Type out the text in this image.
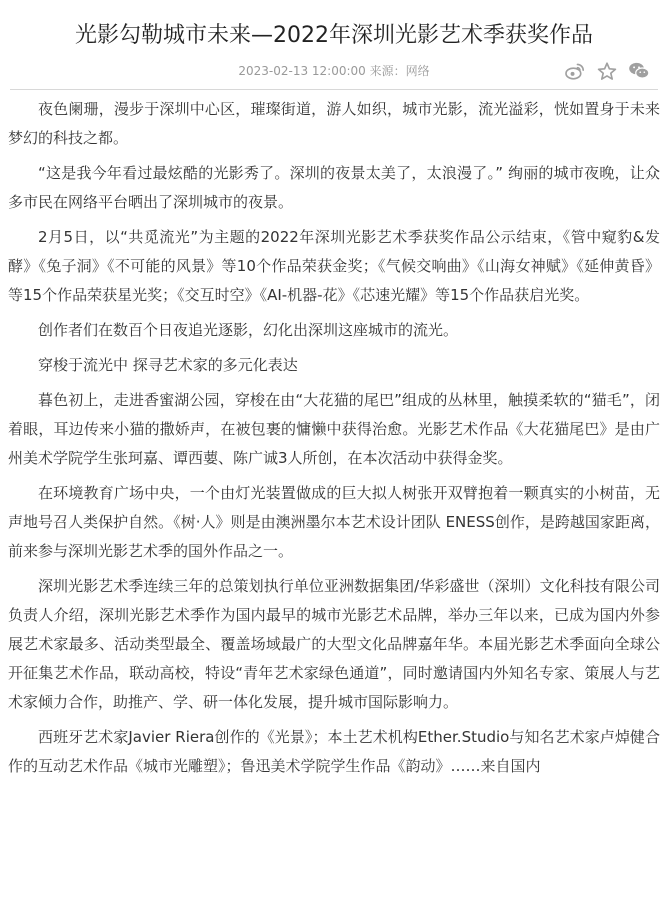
光影勾勒城市未来—2022年深圳光影艺术季获奖作品
2023-02-13 12:00:00 来源：网络

夜色阑珊，漫步于深圳中心区，璀璨街道，游人如织，城市光影，流光溢彩，恍如置身于未来梦幻的科技之都。

“这是我今年看过最炫酷的光影秀了。深圳的夜景太美了，太浪漫了。” 绚丽的城市夜晚，让众多市民在网络平台晒出了深圳城市的夜景。

2月5日，以“共觅流光”为主题的2022年深圳光影艺术季获奖作品公示结束，《管中窥豹&发酵》《兔子洞》《不可能的风景》等10个作品荣获金奖；《气候交响曲》《山海女神赋》《延伸黄昏》等15个作品荣获星光奖；《交互时空》《AI-机器-花》《芯速光耀》等15个作品获启光奖。

创作者们在数百个日夜追光逐影，幻化出深圳这座城市的流光。

穿梭于流光中 探寻艺术家的多元化表达

暮色初上，走进香蜜湖公园，穿梭在由“大花猫的尾巴”组成的丛林里，触摸柔软的“猫毛”，闭着眼，耳边传来小猫的撒娇声，在被包裹的慵懒中获得治愈。光影艺术作品《大花猫尾巴》是由广州美术学院学生张珂嘉、谭西葽、陈广诚3人所创，在本次活动中获得金奖。

在环境教育广场中央，一个由灯光装置做成的巨大拟人树张开双臂抱着一颗真实的小树苗，无声地号召人类保护自然。《树·人》则是由澳洲墨尔本艺术设计团队 ENESS创作，是跨越国家距离，前来参与深圳光影艺术季的国外作品之一。

深圳光影艺术季连续三年的总策划执行单位亚洲数据集团/华彩盛世（深圳）文化科技有限公司负责人介绍，深圳光影艺术季作为国内最早的城市光影艺术品牌，举办三年以来，已成为国内外参展艺术家最多、活动类型最全、覆盖场域最广的大型文化品牌嘉年华。本届光影艺术季面向全球公开征集艺术作品，联动高校，特设“青年艺术家绿色通道”，同时邀请国内外知名专家、策展人与艺术家倾力合作，助推产、学、研一体化发展，提升城市国际影响力。

西班牙艺术家Javier Riera创作的《光景》；本土艺术机构Ether.Studio与知名艺术家卢焯健合作的互动艺术作品《城市光雕塑》；鲁迅美术学院学生作品《韵动》……来自国内
